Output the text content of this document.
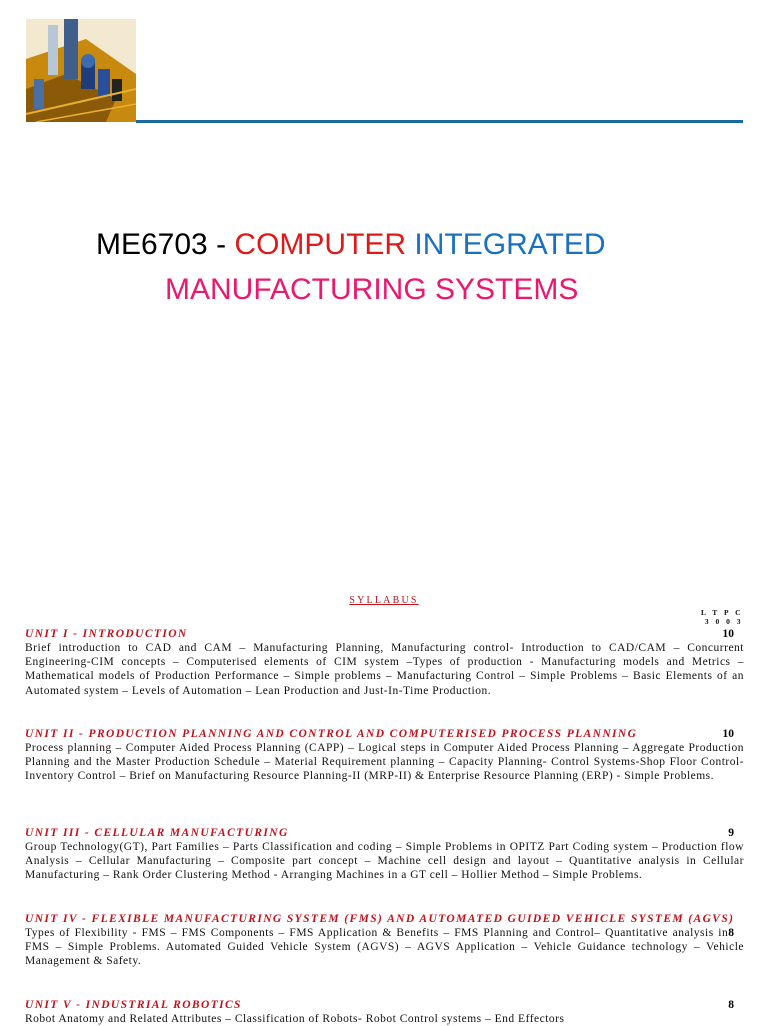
ME6703 - COMPUTER INTEGRATED
MANUFACTURING SYSTEMS
SYLLABUS
L T P C
3 0 0 3
10
UNIT I - INTRODUCTION
Brief introduction to CAD and CAM – Manufacturing Planning, Manufacturing control- Introduction to CAD/CAM – Concurrent Engineering-CIM concepts – Computerised elements of CIM system –Types of production - Manufacturing models and Metrics – Mathematical models of Production Performance – Simple problems – Manufacturing Control – Simple Problems – Basic Elements of an Automated system – Levels of Automation – Lean Production and Just-In-Time Production.
UNIT II - PRODUCTION PLANNING AND CONTROL AND COMPUTERISED PROCESS PLANNING	10
Process planning – Computer Aided Process Planning (CAPP) – Logical steps in Computer Aided Process Planning – Aggregate Production Planning and the Master Production Schedule – Material Requirement planning – Capacity Planning- Control Systems-Shop Floor Control-Inventory Control – Brief on Manufacturing Resource Planning-II (MRP-II) & Enterprise Resource Planning (ERP) - Simple Problems.
9
UNIT III - CELLULAR MANUFACTURING
Group Technology(GT), Part Families – Parts Classification and coding – Simple Problems in OPITZ Part Coding system – Production flow Analysis – Cellular Manufacturing – Composite part concept – Machine cell design and layout – Quantitative analysis in Cellular Manufacturing – Rank Order Clustering Method - Arranging Machines in a GT cell – Hollier Method – Simple Problems.
UNIT IV - FLEXIBLE MANUFACTURING SYSTEM (FMS) AND AUTOMATED GUIDED VEHICLE SYSTEM (AGVS)
8
Types of Flexibility - FMS – FMS Components – FMS Application & Benefits – FMS Planning and Control– Quantitative analysis in FMS – Simple Problems. Automated Guided Vehicle System (AGVS) – AGVS Application – Vehicle Guidance technology – Vehicle Management & Safety.
8
UNIT V - INDUSTRIAL ROBOTICS
Robot Anatomy and Related Attributes – Classification of Robots- Robot Control systems – End Effectors
